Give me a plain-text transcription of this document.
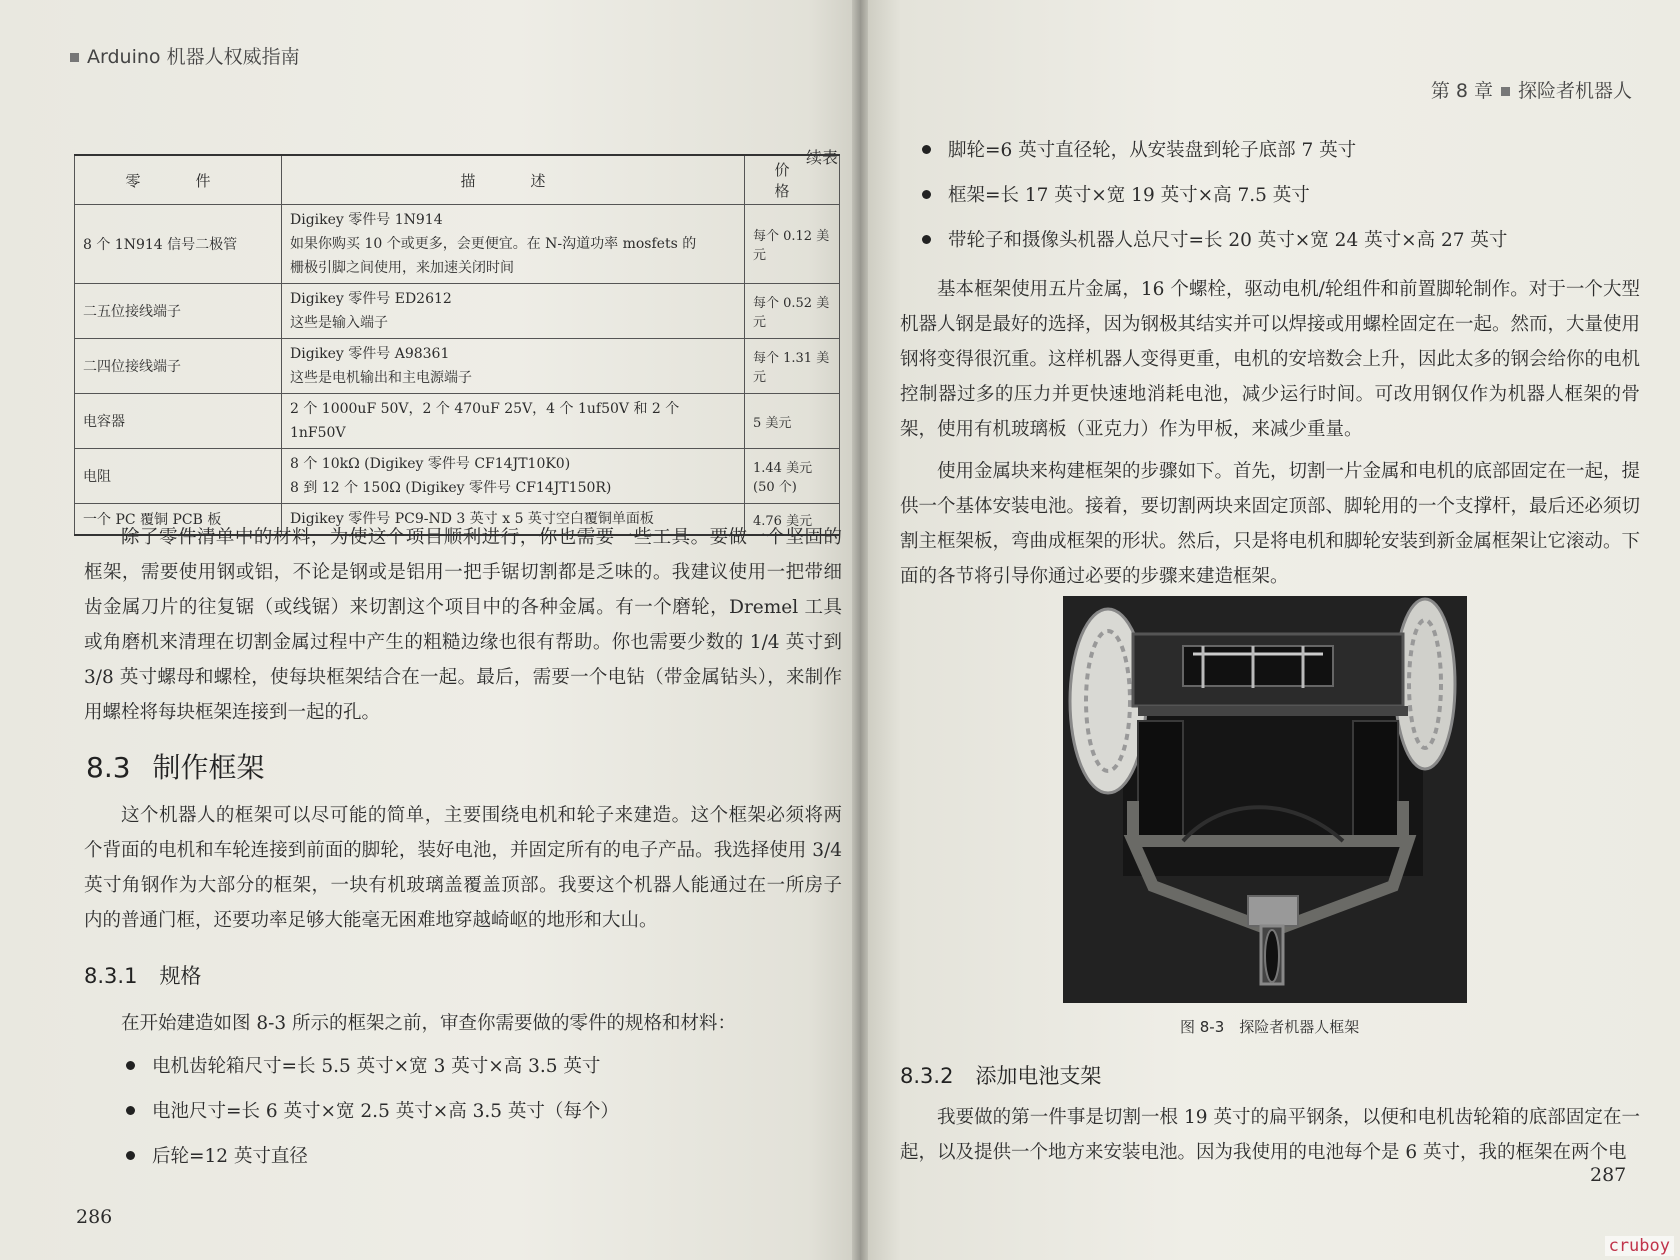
Arduino 机器人权威指南
续表
零　件	描　述	价　格
8 个 1N914 信号二极管	Digikey 零件号 1N914
如果你购买 10 个或更多，会更便宜。在 N-沟道功率 mosfets 的
栅极引脚之间使用，来加速关闭时间	每个 0.12 美元
二五位接线端子	Digikey 零件号 ED2612
这些是输入端子	每个 0.52 美元
二四位接线端子	Digikey 零件号 A98361
这些是电机输出和主电源端子	每个 1.31 美元
电容器	2 个 1000uF 50V，2 个 470uF 25V，4 个 1uf50V 和 2 个 1nF50V	5 美元
电阻	8 个 10kΩ (Digikey 零件号 CF14JT10K0)
8 到 12 个 150Ω (Digikey 零件号 CF14JT150R)	1.44 美元(50 个)
一个 PC 覆铜 PCB 板	Digikey 零件号 PC9-ND 3 英寸 x 5 英寸空白覆铜单面板	4.76 美元

除了零件清单中的材料，为使这个项目顺利进行，你也需要一些工具。要做一个坚固的框架，需要使用钢或铝，不论是钢或是铝用一把手锯切割都是乏味的。我建议使用一把带细齿金属刀片的往复锯（或线锯）来切割这个项目中的各种金属。有一个磨轮，Dremel 工具或角磨机来清理在切割金属过程中产生的粗糙边缘也很有帮助。你也需要少数的 1/4 英寸到 3/8 英寸螺母和螺栓，使每块框架结合在一起。最后，需要一个电钻（带金属钻头），来制作用螺栓将每块框架连接到一起的孔。

8.3 制作框架

这个机器人的框架可以尽可能的简单，主要围绕电机和轮子来建造。这个框架必须将两个背面的电机和车轮连接到前面的脚轮，装好电池，并固定所有的电子产品。我选择使用 3/4 英寸角钢作为大部分的框架，一块有机玻璃盖覆盖顶部。我要这个机器人能通过在一所房子内的普通门框，还要功率足够大能毫无困难地穿越崎岖的地形和大山。

8.3.1 规格

在开始建造如图 8-3 所示的框架之前，审查你需要做的零件的规格和材料：

电机齿轮箱尺寸=长 5.5 英寸×宽 3 英寸×高 3.5 英寸
电池尺寸=长 6 英寸×宽 2.5 英寸×高 3.5 英寸（每个）
后轮=12 英寸直径
286
第 8 章 探险者机器人
脚轮=6 英寸直径轮，从安装盘到轮子底部 7 英寸
框架=长 17 英寸×宽 19 英寸×高 7.5 英寸
带轮子和摄像头机器人总尺寸=长 20 英寸×宽 24 英寸×高 27 英寸

基本框架使用五片金属，16 个螺栓，驱动电机/轮组件和前置脚轮制作。对于一个大型机器人钢是最好的选择，因为钢极其结实并可以焊接或用螺栓固定在一起。然而，大量使用钢将变得很沉重。这样机器人变得更重，电机的安培数会上升，因此太多的钢会给你的电机控制器过多的压力并更快速地消耗电池，减少运行时间。可改用钢仅作为机器人框架的骨架，使用有机玻璃板（亚克力）作为甲板，来减少重量。

使用金属块来构建框架的步骤如下。首先，切割一片金属和电机的底部固定在一起，提供一个基体安装电池。接着，要切割两块来固定顶部、脚轮用的一个支撑杆，最后还必须切割主框架板，弯曲成框架的形状。然后，只是将电机和脚轮安装到新金属框架让它滚动。下面的各节将引导你通过必要的步骤来建造框架。

8.3.2 添加电池支架

我要做的第一件事是切割一根 19 英寸的扁平钢条，以便和电机齿轮箱的底部固定在一起，以及提供一个地方来安装电池。因为我使用的电池每个是 6 英寸，我的框架在两个电

287
图 8-3　探险者机器人框架
cruboy
